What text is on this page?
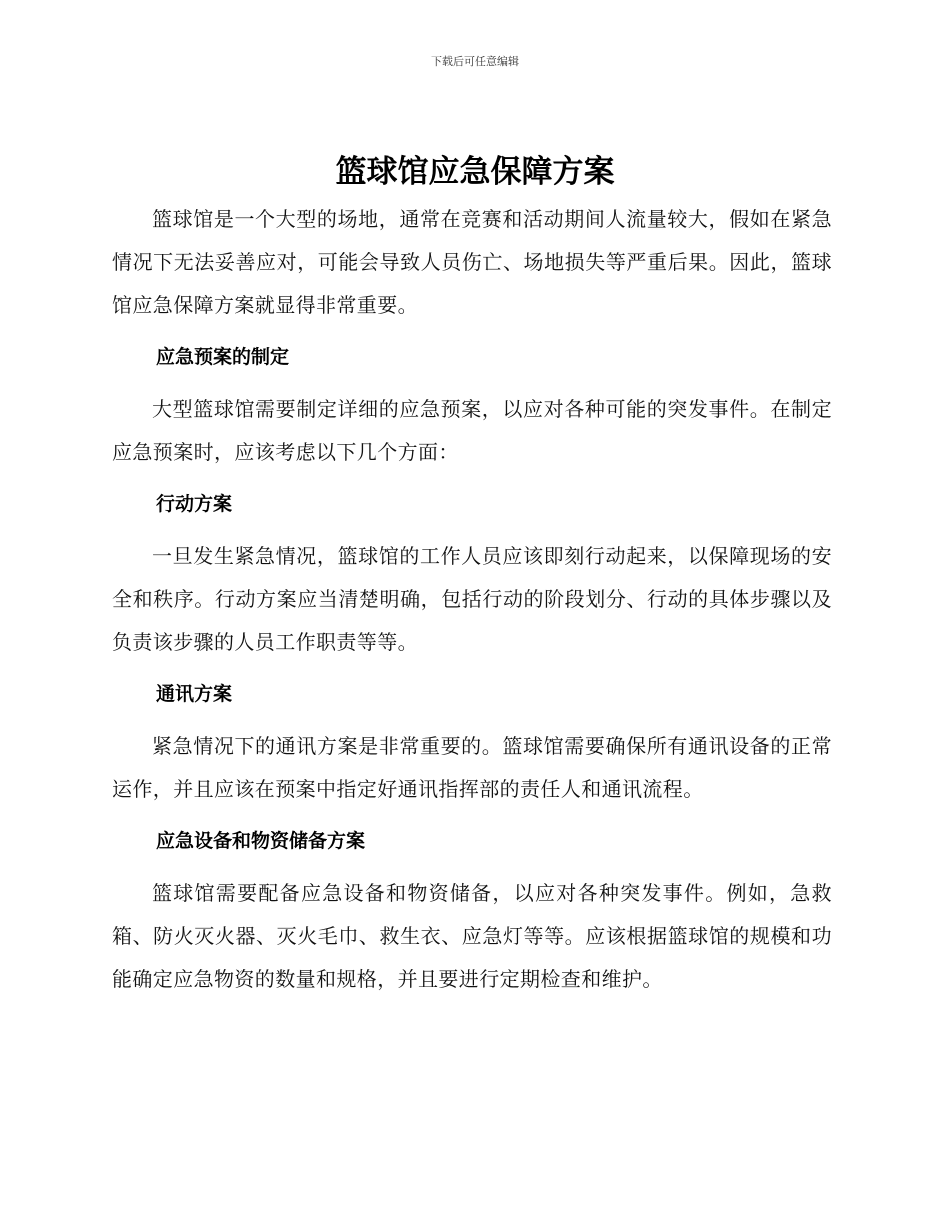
下载后可任意编辑
篮球馆应急保障方案

篮球馆是一个大型的场地，通常在竞赛和活动期间人流量较大，假如在紧急情况下无法妥善应对，可能会导致人员伤亡、场地损失等严重后果。因此，篮球馆应急保障方案就显得非常重要。

应急预案的制定

大型篮球馆需要制定详细的应急预案，以应对各种可能的突发事件。在制定应急预案时，应该考虑以下几个方面：

行动方案

一旦发生紧急情况，篮球馆的工作人员应该即刻行动起来，以保障现场的安全和秩序。行动方案应当清楚明确，包括行动的阶段划分、行动的具体步骤以及负责该步骤的人员工作职责等等。

通讯方案

紧急情况下的通讯方案是非常重要的。篮球馆需要确保所有通讯设备的正常运作，并且应该在预案中指定好通讯指挥部的责任人和通讯流程。

应急设备和物资储备方案

篮球馆需要配备应急设备和物资储备，以应对各种突发事件。例如，急救箱、防火灭火器、灭火毛巾、救生衣、应急灯等等。应该根据篮球馆的规模和功能确定应急物资的数量和规格，并且要进行定期检查和维护。
